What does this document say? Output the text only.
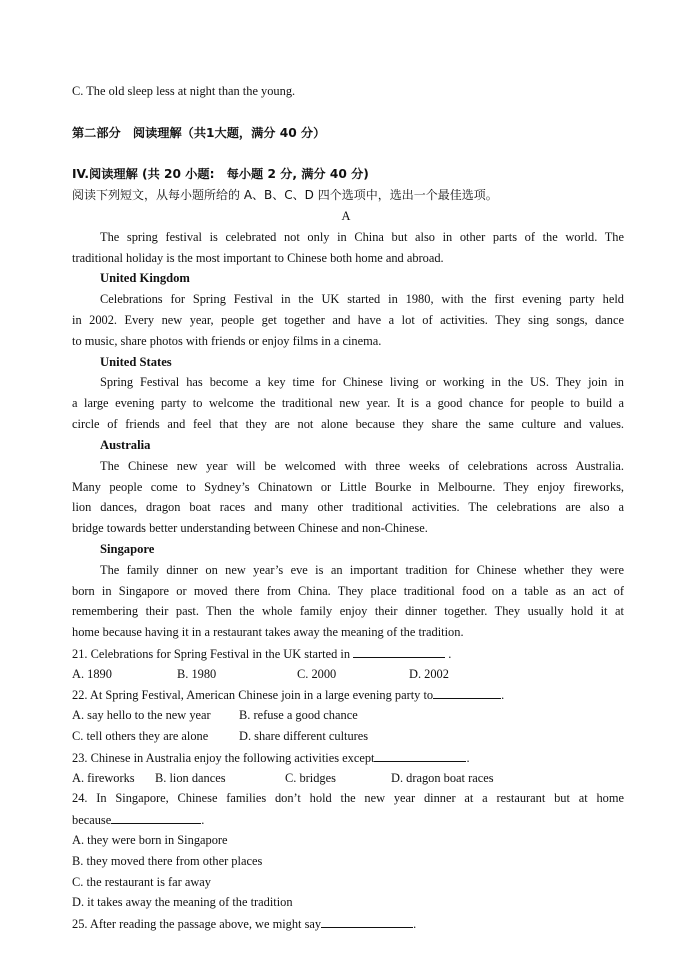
C. The old sleep less at night than the young.
第二部分　阅读理解（共1大题，满分 40 分）
IV.阅读理解 (共 20 小题:　每小题 2 分, 满分 40 分)
阅读下列短文，从每小题所给的 A、B、C、D 四个选项中，选出一个最佳选项。
A
The spring festival is celebrated not only in China but also in other parts of the world. The
traditional holiday is the most important to Chinese both home and abroad.
United Kingdom
Celebrations for Spring Festival in the UK started in 1980, with the first evening party held
in 2002. Every new year, people get together and have a lot of activities. They sing songs, dance
to music, share photos with friends or enjoy films in a cinema.
United States
Spring Festival has become a key time for Chinese living or working in the US. They join in
a large evening party to welcome the traditional new year. It is a good chance for people to build a
circle of friends and feel that they are not alone because they share the same culture and values.
Australia
The Chinese new year will be welcomed with three weeks of celebrations across Australia.
Many people come to Sydney’s Chinatown or Little Bourke in Melbourne. They enjoy fireworks,
lion dances, dragon boat races and many other traditional activities. The celebrations are also a
bridge towards better understanding between Chinese and non-Chinese.
Singapore
The family dinner on new year’s eve is an important tradition for Chinese whether they were
born in Singapore or moved there from China. They place traditional food on a table as an act of
remembering their past. Then the whole family enjoy their dinner together. They usually hold it at
home because having it in a restaurant takes away the meaning of the tradition.
21. Celebrations for Spring Festival in the UK started in	.
A. 1890	B. 1980	C. 2000	D. 2002
22. At Spring Festival, American Chinese join in a large evening party to	.
A. say hello to the new year B. refuse a good chance
C. tell others they are alone D. share different cultures
23. Chinese in Australia enjoy the following activities except	.
A. fireworks B. lion dances	C. bridges	D. dragon boat races
24. In Singapore, Chinese families don’t hold the new year dinner at a restaurant but at home
because	.
A. they were born in Singapore
B. they moved there from other places
C. the restaurant is far away
D. it takes away the meaning of the tradition
25. After reading the passage above, we might say	.
